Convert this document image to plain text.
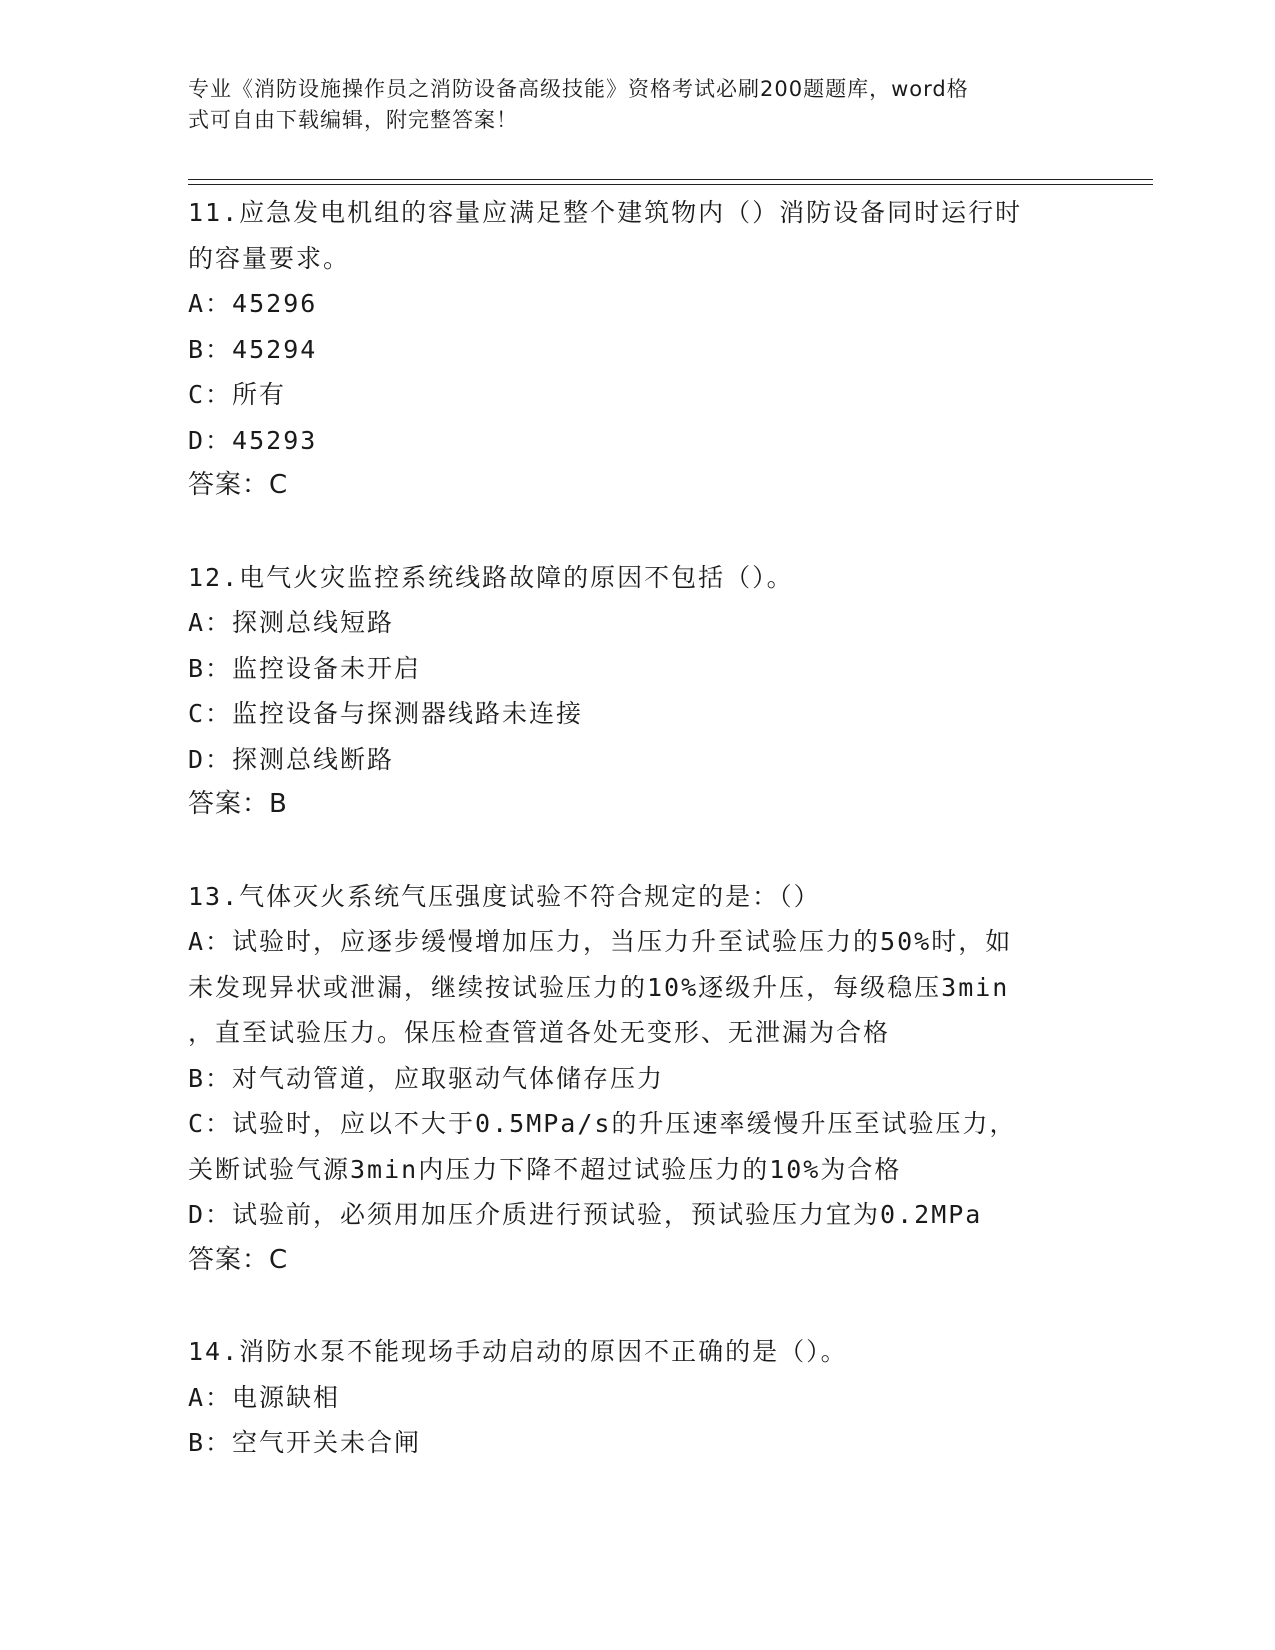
专业《消防设施操作员之消防设备高级技能》资格考试必刷200题题库，word格
式可自由下载编辑，附完整答案！
11.应急发电机组的容量应满足整个建筑物内（）消防设备同时运行时
的容量要求。
A：45296
B：45294
C：所有
D：45293
答案：C
12.电气火灾监控系统线路故障的原因不包括（）。
A：探测总线短路
B：监控设备未开启
C：监控设备与探测器线路未连接
D：探测总线断路
答案：B
13.气体灭火系统气压强度试验不符合规定的是：（）
A：试验时，应逐步缓慢增加压力，当压力升至试验压力的50%时，如
未发现异状或泄漏，继续按试验压力的10%逐级升压，每级稳压3min
，直至试验压力。保压检查管道各处无变形、无泄漏为合格
B：对气动管道，应取驱动气体储存压力
C：试验时，应以不大于0.5MPa/s的升压速率缓慢升压至试验压力，
关断试验气源3min内压力下降不超过试验压力的10%为合格
D：试验前，必须用加压介质进行预试验，预试验压力宜为0.2MPa
答案：C
14.消防水泵不能现场手动启动的原因不正确的是（）。
A：电源缺相
B：空气开关未合闸
